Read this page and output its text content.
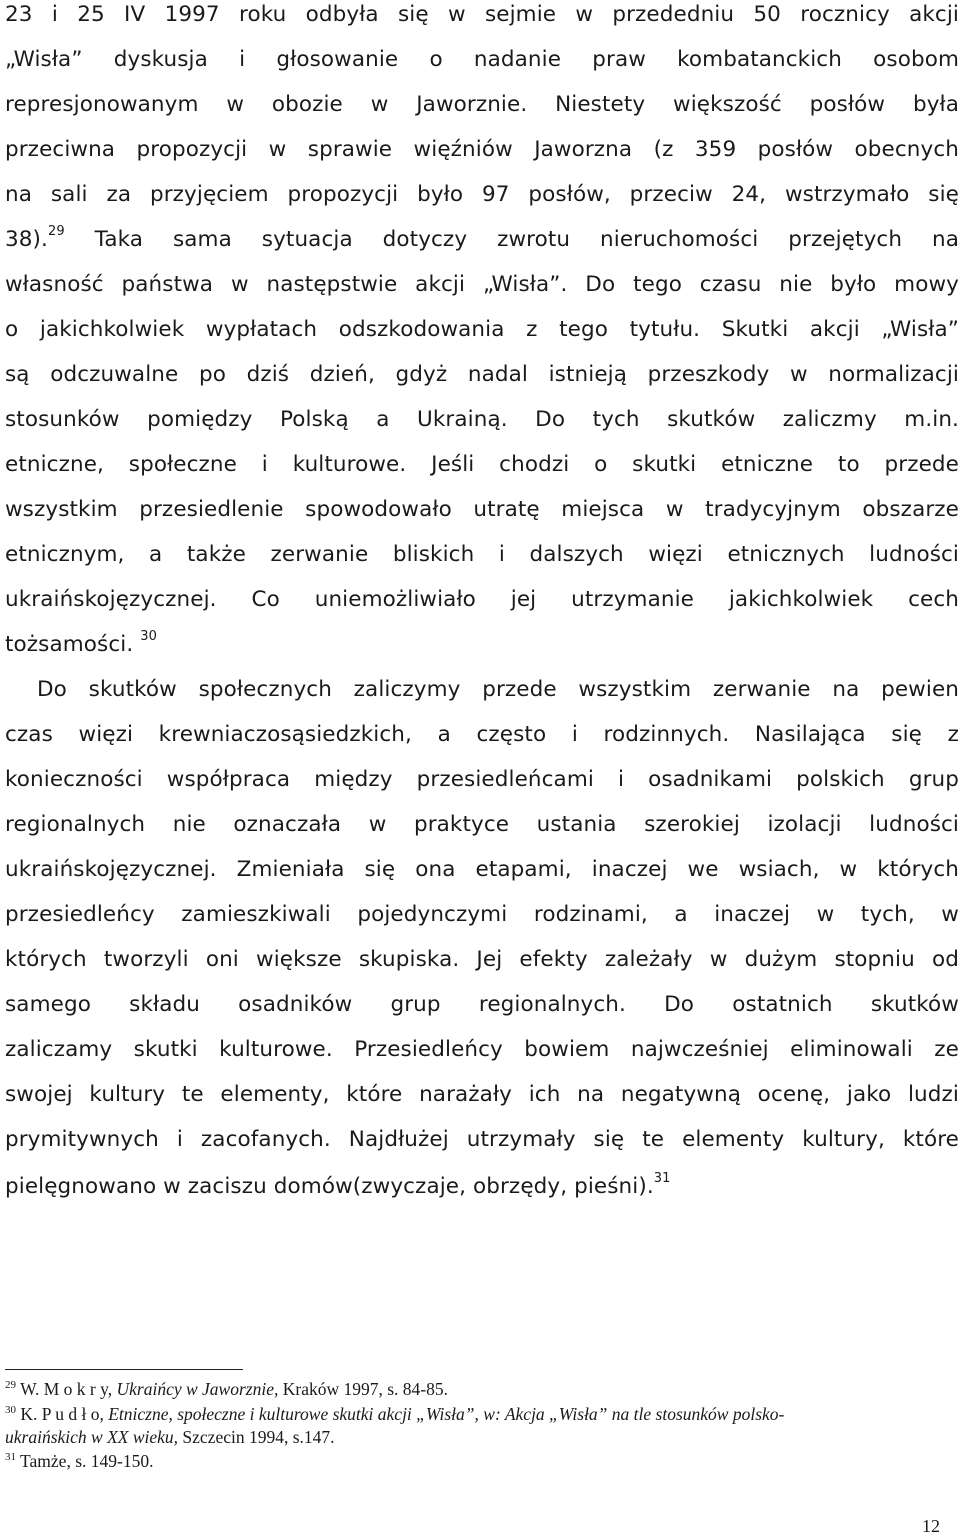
23 i 25 IV 1997 roku odbyła się w sejmie w przededniu 50 rocznicy akcji
„Wisła” dyskusja i głosowanie o nadanie praw kombatanckich osobom
represjonowanym w obozie w Jaworznie. Niestety większość posłów była
przeciwna propozycji w sprawie więźniów Jaworzna (z 359 posłów obecnych
na sali za przyjęciem propozycji było 97 posłów, przeciw 24, wstrzymało się
38).$^{29}$ Taka sama sytuacja dotyczy zwrotu nieruchomości przejętych na
własność państwa w następstwie akcji „Wisła”. Do tego czasu nie było mowy
o jakichkolwiek wypłatach odszkodowania z tego tytułu. Skutki akcji „Wisła”
są odczuwalne po dziś dzień, gdyż nadal istnieją przeszkody w normalizacji
stosunków pomiędzy Polską a Ukrainą. Do tych skutków zaliczmy m.in.
etniczne, społeczne i kulturowe. Jeśli chodzi o skutki etniczne to przede
wszystkim przesiedlenie spowodowało utratę miejsca w tradycyjnym obszarze
etnicznym, a także zerwanie bliskich i dalszych więzi etnicznych ludności
ukraińskojęzycznej. Co uniemożliwiało jej utrzymanie jakichkolwiek cech
tożsamości. $^{30}$
Do skutków społecznych zaliczymy przede wszystkim zerwanie na pewien
czas więzi krewniaczosąsiedzkich, a często i rodzinnych. Nasilająca się z
konieczności współpraca między przesiedleńcami i osadnikami polskich grup
regionalnych nie oznaczała w praktyce ustania szerokiej izolacji ludności
ukraińskojęzycznej. Zmieniała się ona etapami, inaczej we wsiach, w których
przesiedleńcy zamieszkiwali pojedynczymi rodzinami, a inaczej w tych, w
których tworzyli oni większe skupiska. Jej efekty zależały w dużym stopniu od
samego składu osadników grup regionalnych. Do ostatnich skutków
zaliczamy skutki kulturowe. Przesiedleńcy bowiem najwcześniej eliminowali ze
swojej kultury te elementy, które narażały ich na negatywną ocenę, jako ludzi
prymitywnych i zacofanych. Najdłużej utrzymały się te elementy kultury, które
pielęgnowano w zaciszu domów(zwyczaje, obrzędy, pieśni).$^{31}$
$^{29}$ W. M o k r y, Ukraińcy w Jaworznie, Kraków 1997, s. 84-85.
$^{30}$ K. P u d ł o, Etniczne, społeczne i kulturowe skutki akcji „Wisła”, w: Akcja „Wisła” na tle stosunków polsko-
ukraińskich w XX wieku, Szczecin 1994, s.147.
$^{31}$ Tamże, s. 149-150.
12
